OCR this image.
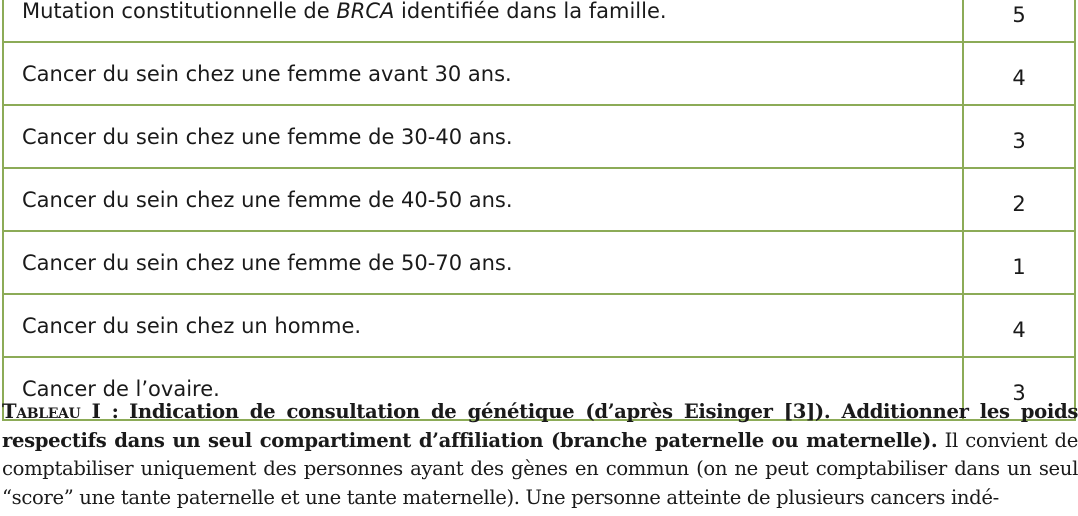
Mutation constitutionnelle de BRCA identifiée dans la famille.	5
Cancer du sein chez une femme avant 30 ans.	4
Cancer du sein chez une femme de 30-40 ans.	3
Cancer du sein chez une femme de 40-50 ans.	2
Cancer du sein chez une femme de 50-70 ans.	1
Cancer du sein chez un homme.	4
Cancer de l’ovaire.	3

Tableau I : Indication de consultation de génétique (d’après Eisinger [3]). Additionner les poids respectifs dans un seul compartiment d’affiliation (branche paternelle ou maternelle). Il convient de comptabiliser uniquement des personnes ayant des gènes en commun (on ne peut comptabiliser dans un seul “score” une tante paternelle et une tante maternelle). Une personne atteinte de plusieurs cancers indé-
